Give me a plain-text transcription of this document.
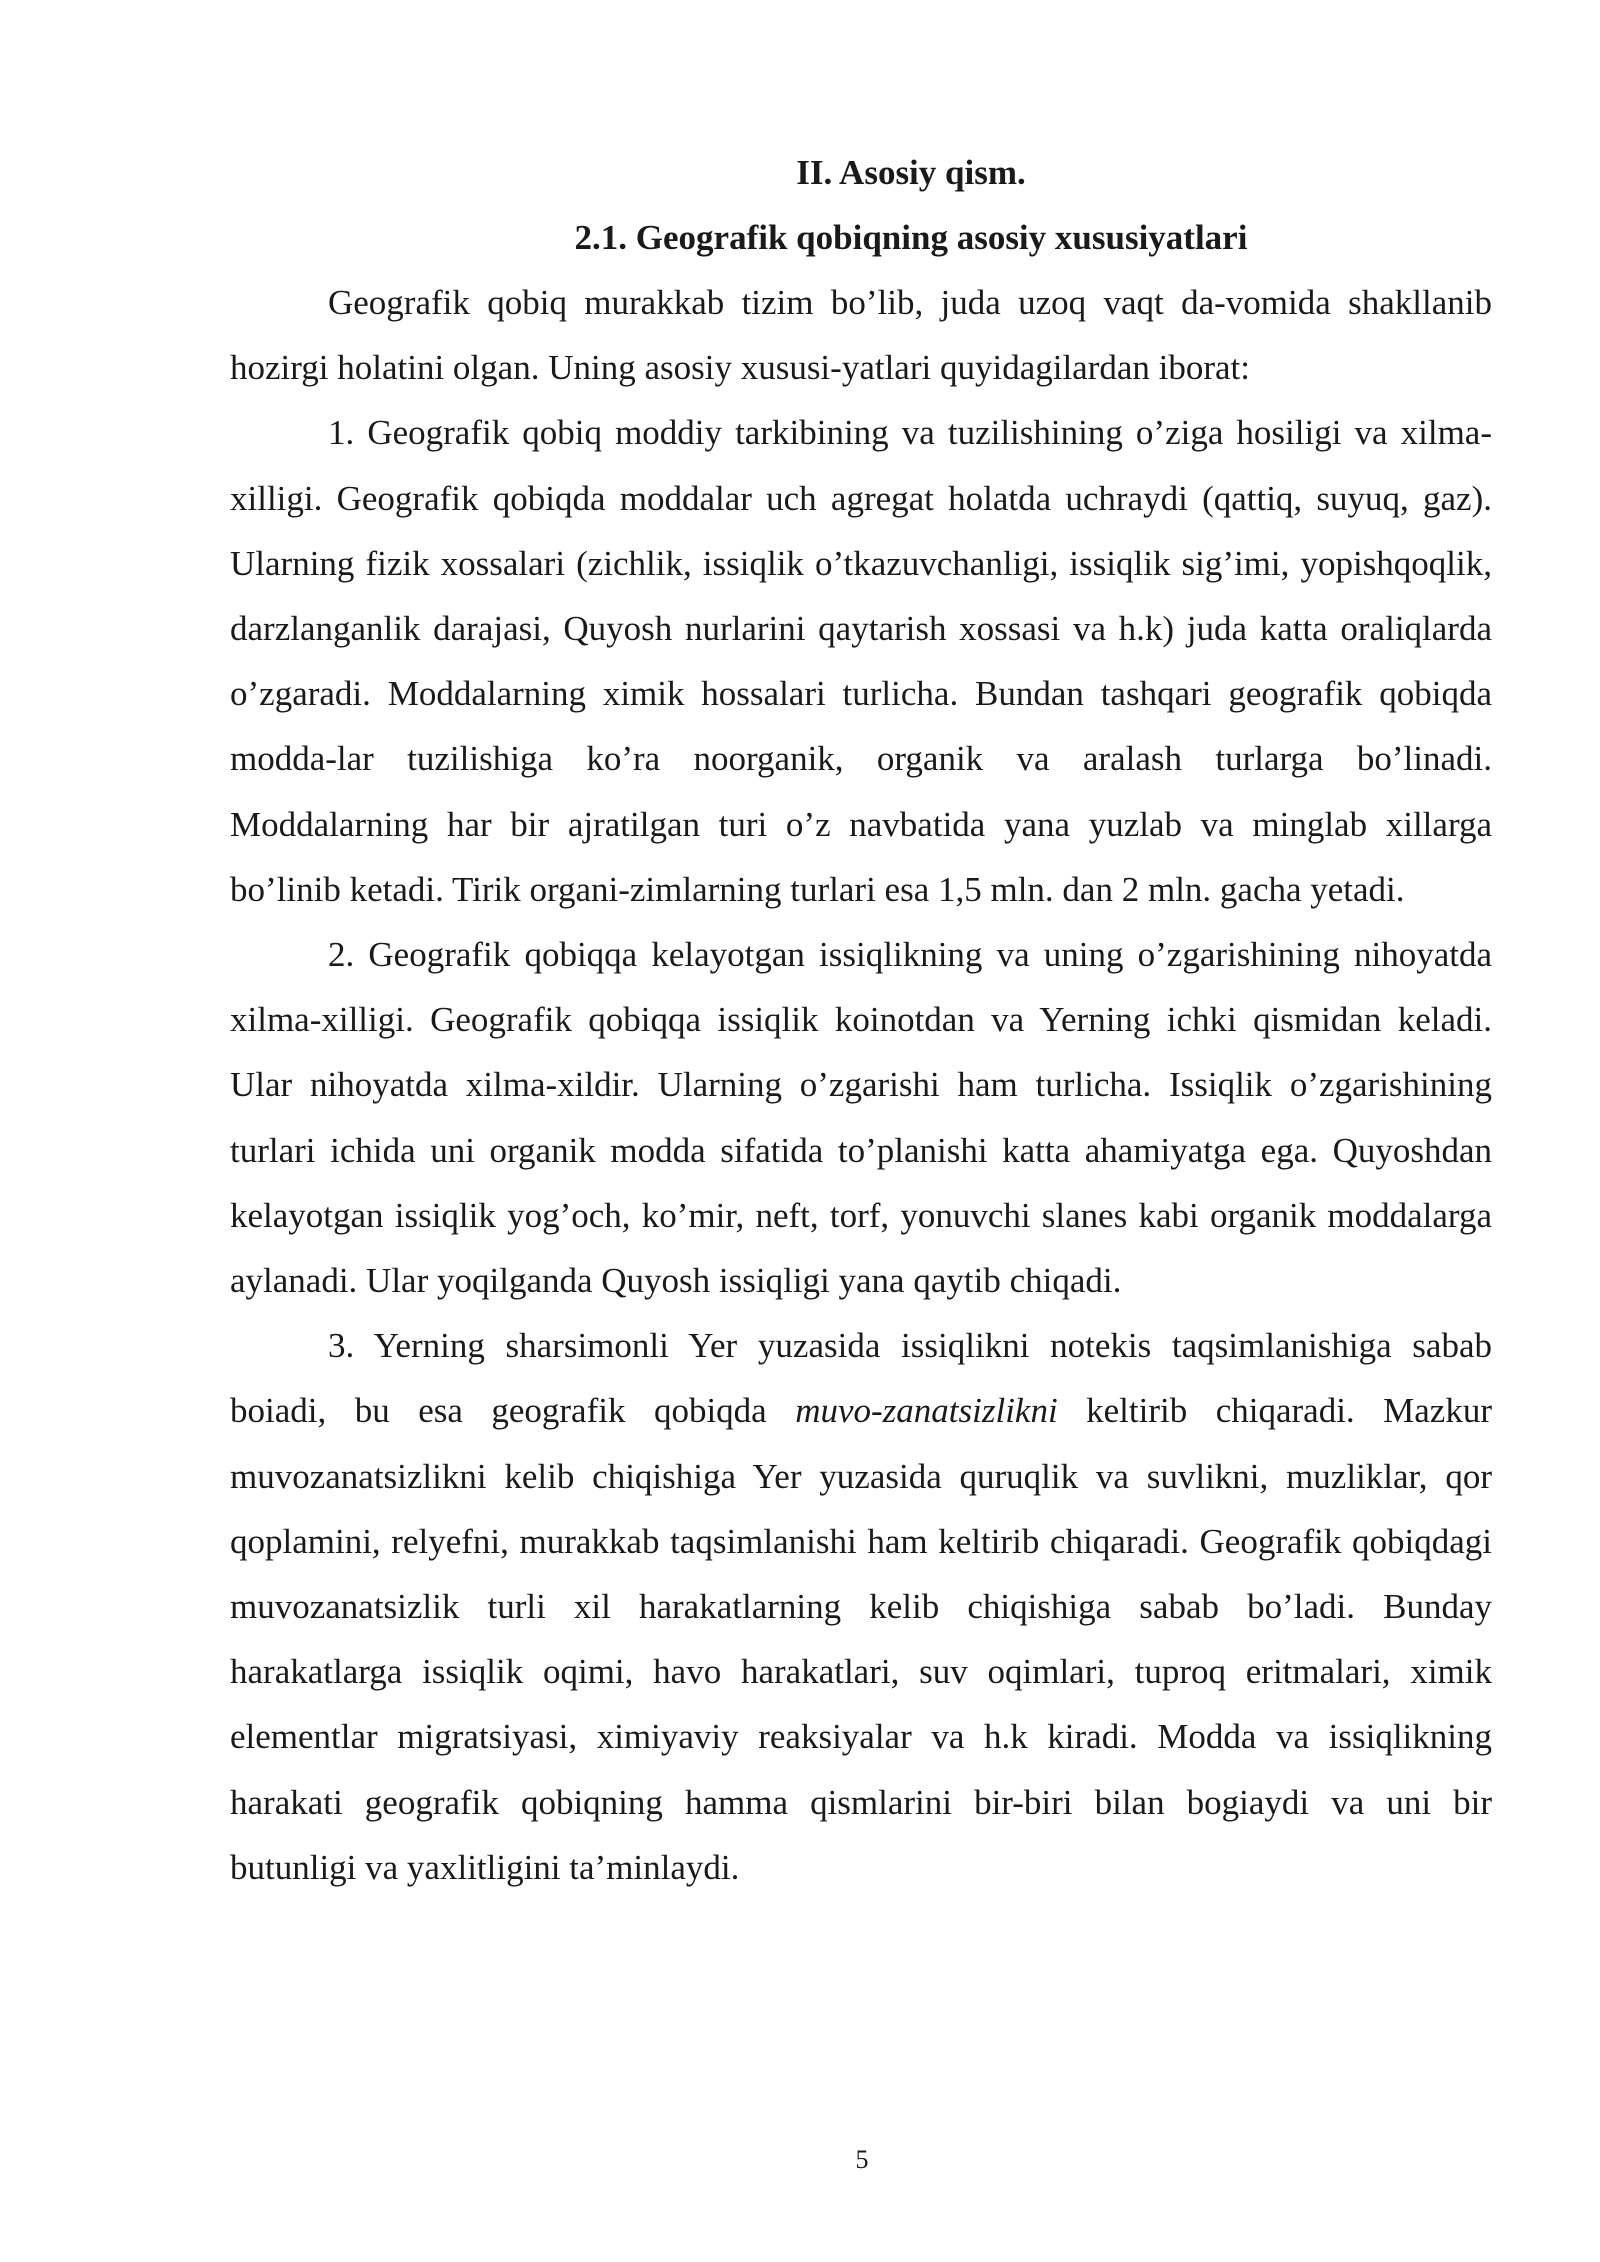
II. Asosiy qism.
2.1. Geografik qobiqning asosiy xususiyatlari

Geografik qobiq murakkab tizim bo’lib, juda uzoq vaqt da-vomida shakllanib hozirgi holatini olgan. Uning asosiy xususi-yatlari quyidagilardan iborat:

1. Geografik qobiq moddiy tarkibining va tuzilishining o’ziga hosiligi va xilma-xilligi. Geografik qobiqda moddalar uch agregat holatda uchraydi (qattiq, suyuq, gaz). Ularning fizik xossalari (zichlik, issiqlik o’tkazuvchanligi, issiqlik sig’imi, yopishqoqlik, darzlanganlik darajasi, Quyosh nurlarini qaytarish xossasi va h.k) juda katta oraliqlarda o’zgaradi. Moddalarning ximik hossalari turlicha. Bundan tashqari geografik qobiqda modda-lar tuzilishiga ko’ra noorganik, organik va aralash turlarga bo’linadi. Moddalarning har bir ajratilgan turi o’z navbatida yana yuzlab va minglab xillarga bo’linib ketadi. Tirik organi-zimlarning turlari esa 1,5 mln. dan 2 mln. gacha yetadi.

2. Geografik qobiqqa kelayotgan issiqlikning va uning o’zgarishining nihoyatda xilma-xilligi. Geografik qobiqqa issiqlik koinotdan va Yerning ichki qismidan keladi. Ular nihoyatda xilma-xildir. Ularning o’zgarishi ham turlicha. Issiqlik o’zgarishining turlari ichida uni organik modda sifatida to’planishi katta ahamiyatga ega. Quyoshdan kelayotgan issiqlik yog’och, ko’mir, neft, torf, yonuvchi slanes kabi organik moddalarga aylanadi. Ular yoqilganda Quyosh issiqligi yana qaytib chiqadi.

3. Yerning sharsimonli Yer yuzasida issiqlikni notekis taqsimlanishiga sabab boiadi, bu esa geografik qobiqda muvo-zanatsizlikni keltirib chiqaradi. Mazkur muvozanatsizlikni kelib chiqishiga Yer yuzasida quruqlik va suvlikni, muzliklar, qor qoplamini, relyefni, murakkab taqsimlanishi ham keltirib chiqaradi. Geografik qobiqdagi muvozanatsizlik turli xil harakatlarning kelib chiqishiga sabab bo’ladi. Bunday harakatlarga issiqlik oqimi, havo harakatlari, suv oqimlari, tuproq eritmalari, ximik elementlar migratsiyasi, ximiyaviy reaksiyalar va h.k kiradi. Modda va issiqlikning harakati geografik qobiqning hamma qismlarini bir-biri bilan bogiaydi va uni bir butunligi va yaxlitligini ta’minlaydi.

5
